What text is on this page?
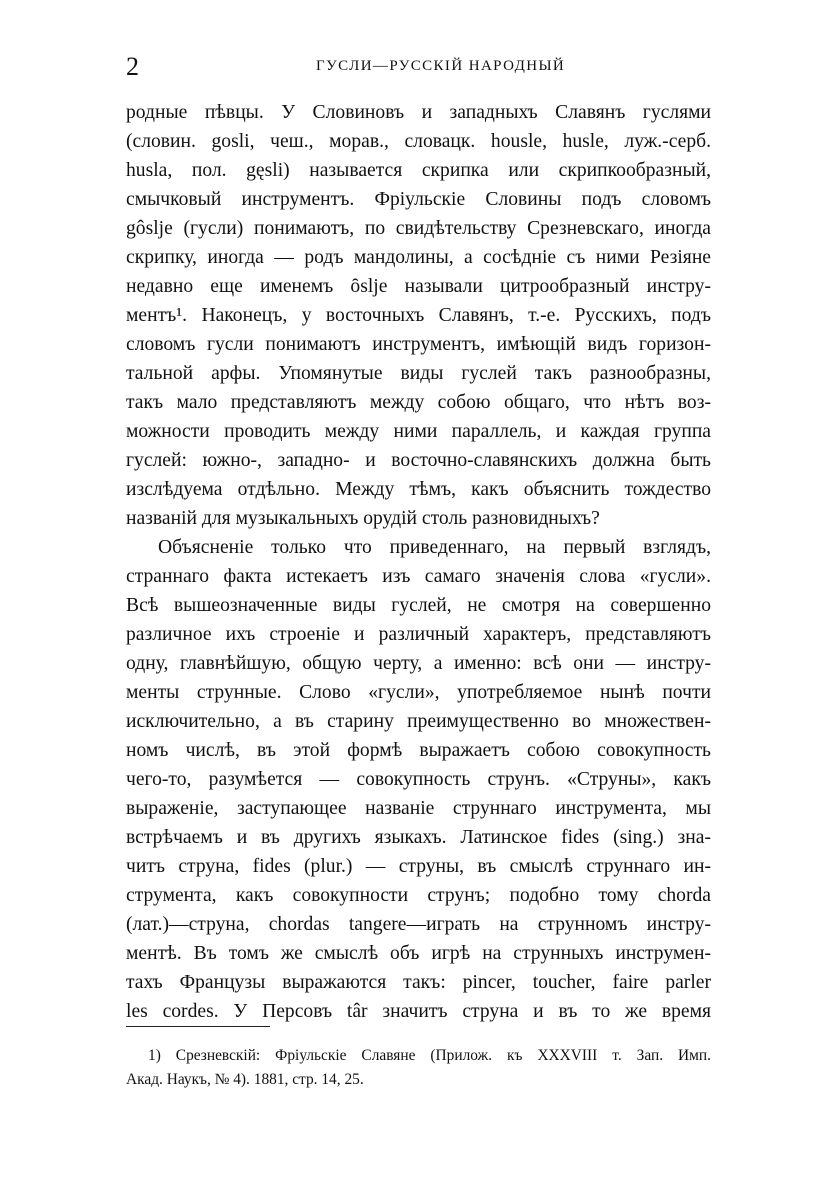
2	ГУСЛИ—РУССКІЙ НАРОДНЫЙ
родные пѣвцы. У Словиновъ и западныхъ Славянъ гуслями
(словин. gosli, чеш., морав., словацк. housle, husle, луж.-серб.
husla, пол. gęsli) называется скрипка или скрипкообразный,
смычковый инструментъ. Фріульскіе Словины подъ словомъ
gôslje (гусли) понимаютъ, по свидѣтельству Срезневскаго, иногда
скрипку, иногда — родъ мандолины, а сосѣдніе съ ними Резіяне
недавно еще именемъ ȏslje называли цитрообразный инстру-
ментъ¹. Наконецъ, у восточныхъ Славянъ, т.-е. Русскихъ, подъ
словомъ гусли понимаютъ инструментъ, имѣющій видъ горизон-
тальной арфы. Упомянутые виды гуслей такъ разнообразны,
такъ мало представляютъ между собою общаго, что нѣтъ воз-
можности проводить между ними параллель, и каждая группа
гуслей: южно-, западно- и восточно-славянскихъ должна быть
изслѣдуема отдѣльно. Между тѣмъ, какъ объяснить тождество
названій для музыкальныхъ орудій столь разновидныхъ?
Объясненіе только что приведеннаго, на первый взглядъ,
страннаго факта истекаетъ изъ самаго значенія слова «гусли».
Всѣ вышеозначенные виды гуслей, не смотря на совершенно
различное ихъ строеніе и различный характеръ, представляютъ
одну, главнѣйшую, общую черту, а именно: всѣ они — инстру-
менты струнные. Слово «гусли», употребляемое нынѣ почти
исключительно, а въ старину преимущественно во множествен-
номъ числѣ, въ этой формѣ выражаетъ собою совокупность
чего-то, разумѣется — совокупность струнъ. «Струны», какъ
выраженіе, заступающее названіе струннаго инструмента, мы
встрѣчаемъ и въ другихъ языкахъ. Латинское fides (sing.) зна-
читъ струна, fides (plur.) — струны, въ смыслѣ струннаго ин-
струмента, какъ совокупности струнъ; подобно тому chorda
(лат.)—струна, chordas tangere—играть на струнномъ инстру-
ментѣ. Въ томъ же смыслѣ объ игрѣ на струнныхъ инструмен-
тахъ Французы выражаются такъ: pincer, toucher, faire parler
les cordes. У Персовъ târ значитъ струна и въ то же время
1) Срезневскій: Фріульскіе Славяне (Прилож. къ XXXVIII т. Зап. Имп.
Акад. Наукъ, № 4). 1881, стр. 14, 25.
